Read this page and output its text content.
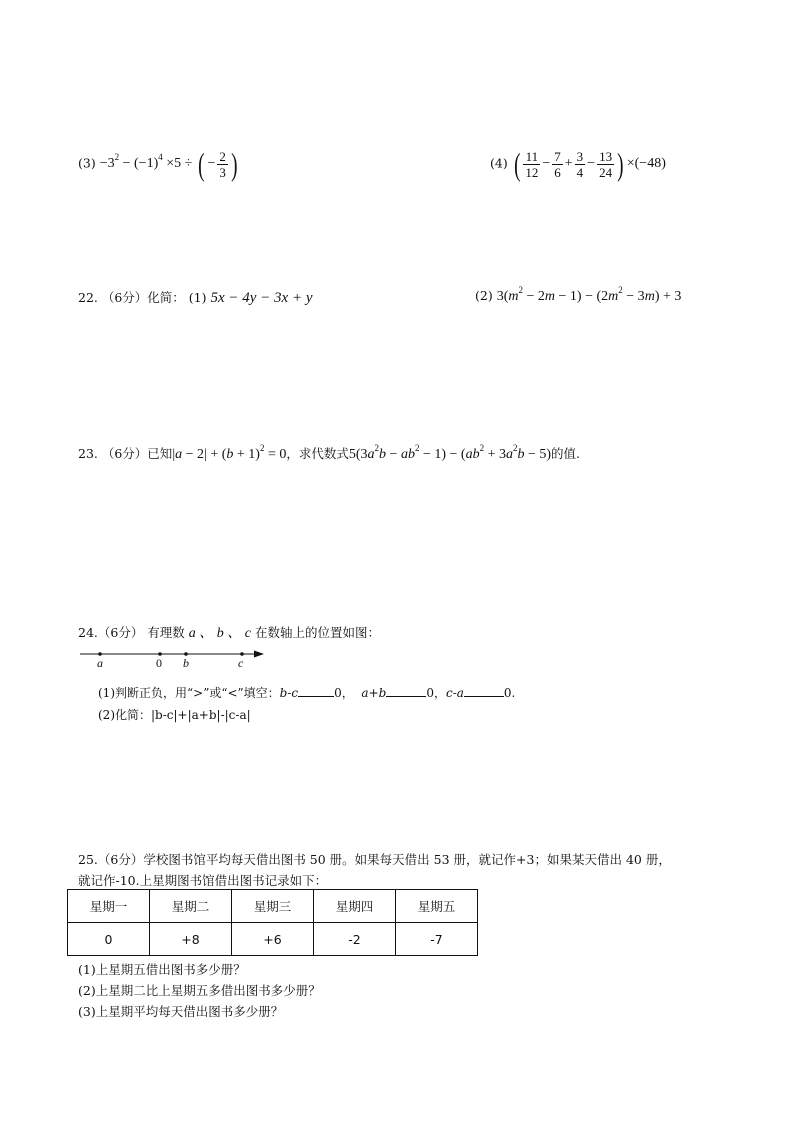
$(3) -3^2 - (-1)^4 \times 5$ ÷ ( − $\frac{2}{3}$ )	(4) ( $\frac{11}{12} - \frac{7}{6} + \frac{3}{4} - \frac{13}{24}$ ) ×(−48)
22. （6分）化简： (1) 5x − 4y − 3x + y	(2) $3(m^2 - 2m - 1) - (2m^2 - 3m) + 3$
23. （6分）已知$|a - 2| + (b + 1)^2 = 0$，求代数式$5(3a^2b - ab^2 - 1) - (ab^2 + 3a^2b - 5)$的值.
24.（6分） 有理数 a 、 b 、 c 在数轴上的位置如图：
a	0 b	c
(1)判断正负，用“>”或“<”填空：b-c	0， a+b	0，c-a	0.
(2)化简：|b-c|+|a+b|-|c-a|
25.（6分）学校图书馆平均每天借出图书 50 册。如果每天借出 53 册，就记作+3；如果某天借出 40 册，
就记作-10.上星期图书馆借出图书记录如下：
星期一	星期二	星期三	星期四	星期五
0	+8	+6	-2	-7
(1)上星期五借出图书多少册？
(2)上星期二比上星期五多借出图书多少册？
(3)上星期平均每天借出图书多少册？
